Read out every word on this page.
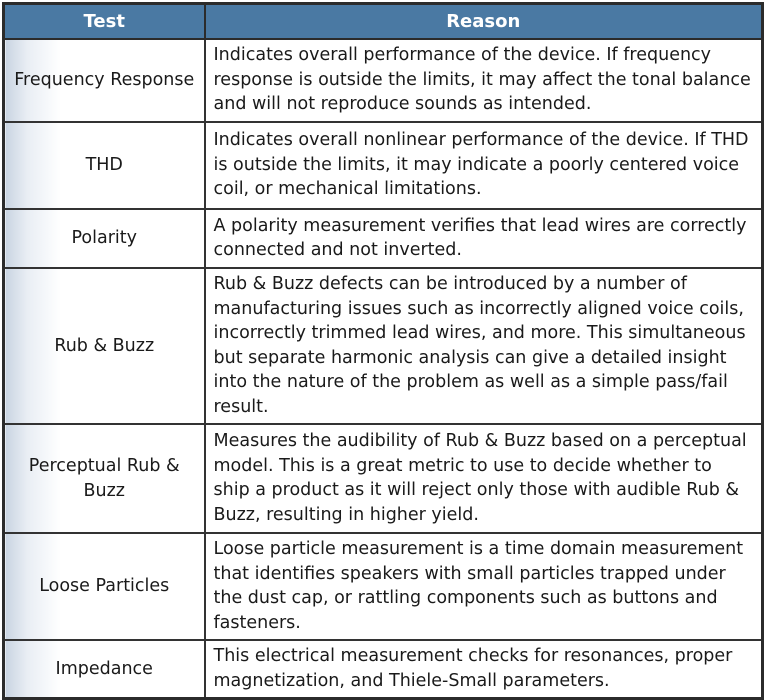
Test	Reason
Frequency Response	Indicates overall performance of the device. If frequency response is outside the limits, it may affect the tonal balance and will not reproduce sounds as intended.
THD	Indicates overall nonlinear performance of the device. If THD is outside the limits, it may indicate a poorly centered voice coil, or mechanical limitations.
Polarity	A polarity measurement verifies that lead wires are correctly connected and not inverted.
Rub & Buzz	Rub & Buzz defects can be introduced by a number of manufacturing issues such as incorrectly aligned voice coils, incorrectly trimmed lead wires, and more. This simultaneous but separate harmonic analysis can give a detailed insight into the nature of the problem as well as a simple pass/fail result.
Perceptual Rub & Buzz	Measures the audibility of Rub & Buzz based on a perceptual model. This is a great metric to use to decide whether to ship a product as it will reject only those with audible Rub & Buzz, resulting in higher yield.
Loose Particles	Loose particle measurement is a time domain measurement that identifies speakers with small particles trapped under the dust cap, or rattling components such as buttons and fasteners.
Impedance	This electrical measurement checks for resonances, proper magnetization, and Thiele-Small parameters.
